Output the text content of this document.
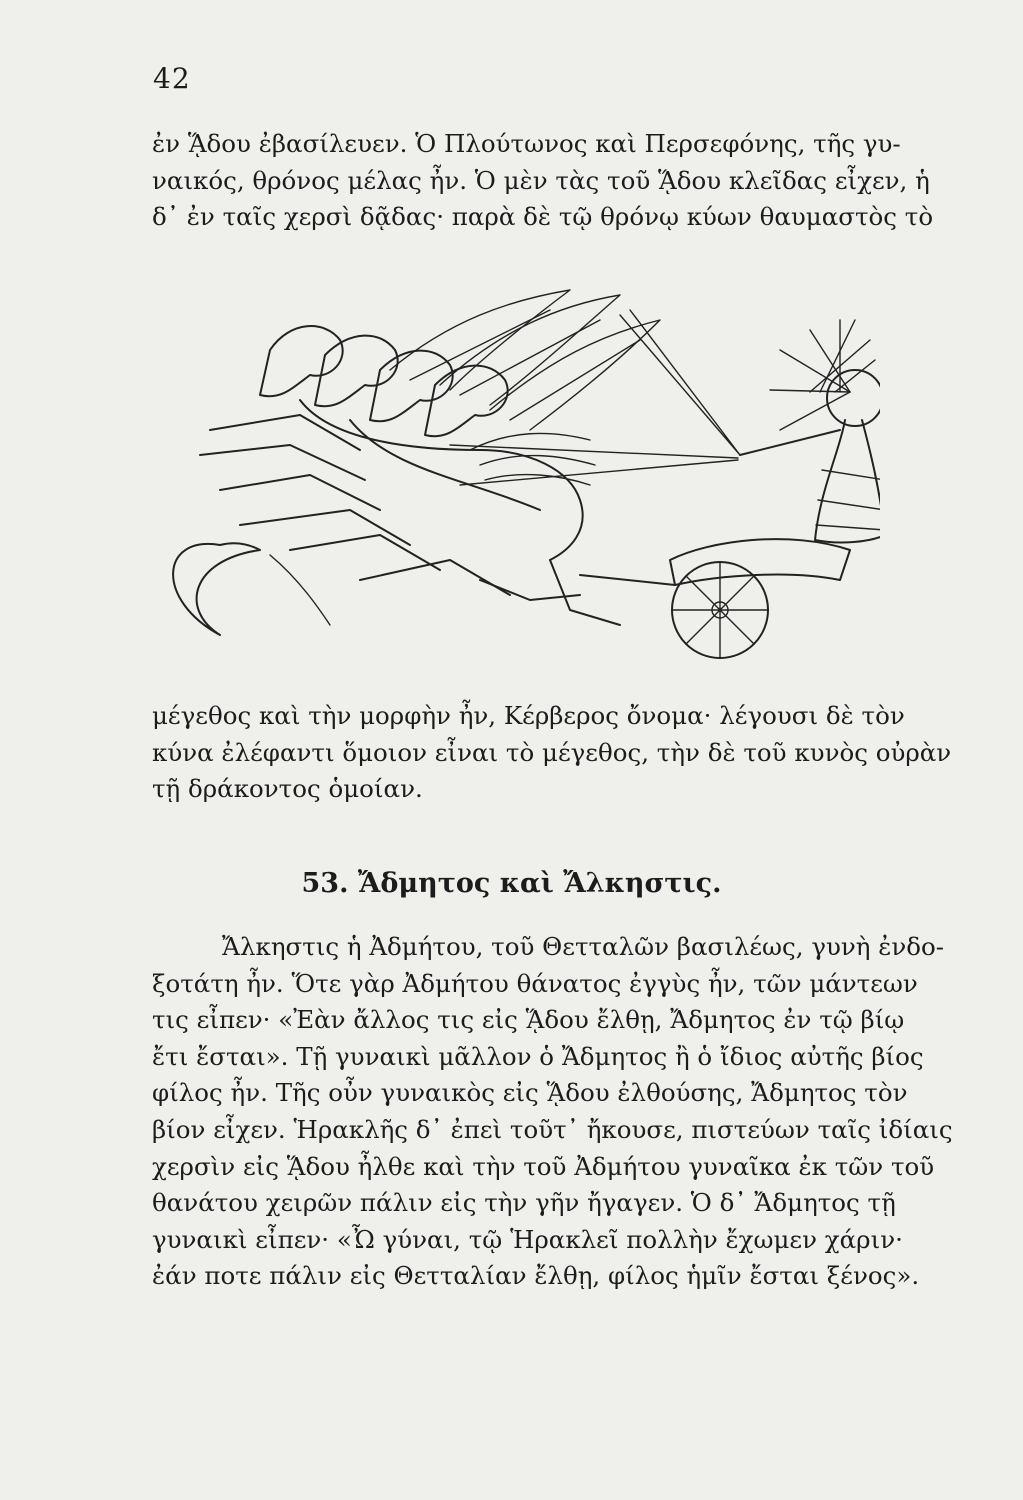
42
ἐν ᾍδου ἐβασίλευεν. Ὁ Πλούτωνος καὶ Περσεφόνης, τῆς γυ-
ναικός, θρόνος μέλας ἦν. Ὁ μὲν τὰς τοῦ ᾍδου κλεῖδας εἶχεν, ἡ
δ᾽ ἐν ταῖς χερσὶ δᾷδας· παρὰ δὲ τῷ θρόνῳ κύων θαυμαστὸς τὸ
μέγεθος καὶ τὴν μορφὴν ἦν, Κέρβερος ὄνομα· λέγουσι δὲ τὸν
κύνα ἐλέφαντι ὅμοιον εἶναι τὸ μέγεθος, τὴν δὲ τοῦ κυνὸς οὐρὰν
τῇ δράκοντος ὁμοίαν.
53. Ἄδμητος καὶ Ἄλκηστις.
Ἄλκηστις ἡ Ἀδμήτου, τοῦ Θετταλῶν βασιλέως, γυνὴ ἐνδο-
ξοτάτη ἦν. Ὅτε γὰρ Ἀδμήτου θάνατος ἐγγὺς ἦν, τῶν μάντεων
τις εἶπεν· «Ἐὰν ἄλλος τις εἰς ᾍδου ἔλθῃ, Ἄδμητος ἐν τῷ βίῳ
ἔτι ἔσται». Τῇ γυναικὶ μᾶλλον ὁ Ἄδμητος ἢ ὁ ἴδιος αὐτῆς βίος
φίλος ἦν. Τῆς οὖν γυναικὸς εἰς ᾍδου ἐλθούσης, Ἄδμητος τὸν
βίον εἶχεν. Ἡρακλῆς δ᾽ ἐπεὶ τοῦτ᾽ ἤκουσε, πιστεύων ταῖς ἰδίαις
χερσὶν εἰς ᾍδου ἦλθε καὶ τὴν τοῦ Ἀδμήτου γυναῖκα ἐκ τῶν τοῦ
θανάτου χειρῶν πάλιν εἰς τὴν γῆν ἤγαγεν. Ὁ δ᾽ Ἄδμητος τῇ
γυναικὶ εἶπεν· «Ὦ γύναι, τῷ Ἡρακλεῖ πολλὴν ἔχωμεν χάριν·
ἐάν ποτε πάλιν εἰς Θετταλίαν ἔλθῃ, φίλος ἡμῖν ἔσται ξένος».
